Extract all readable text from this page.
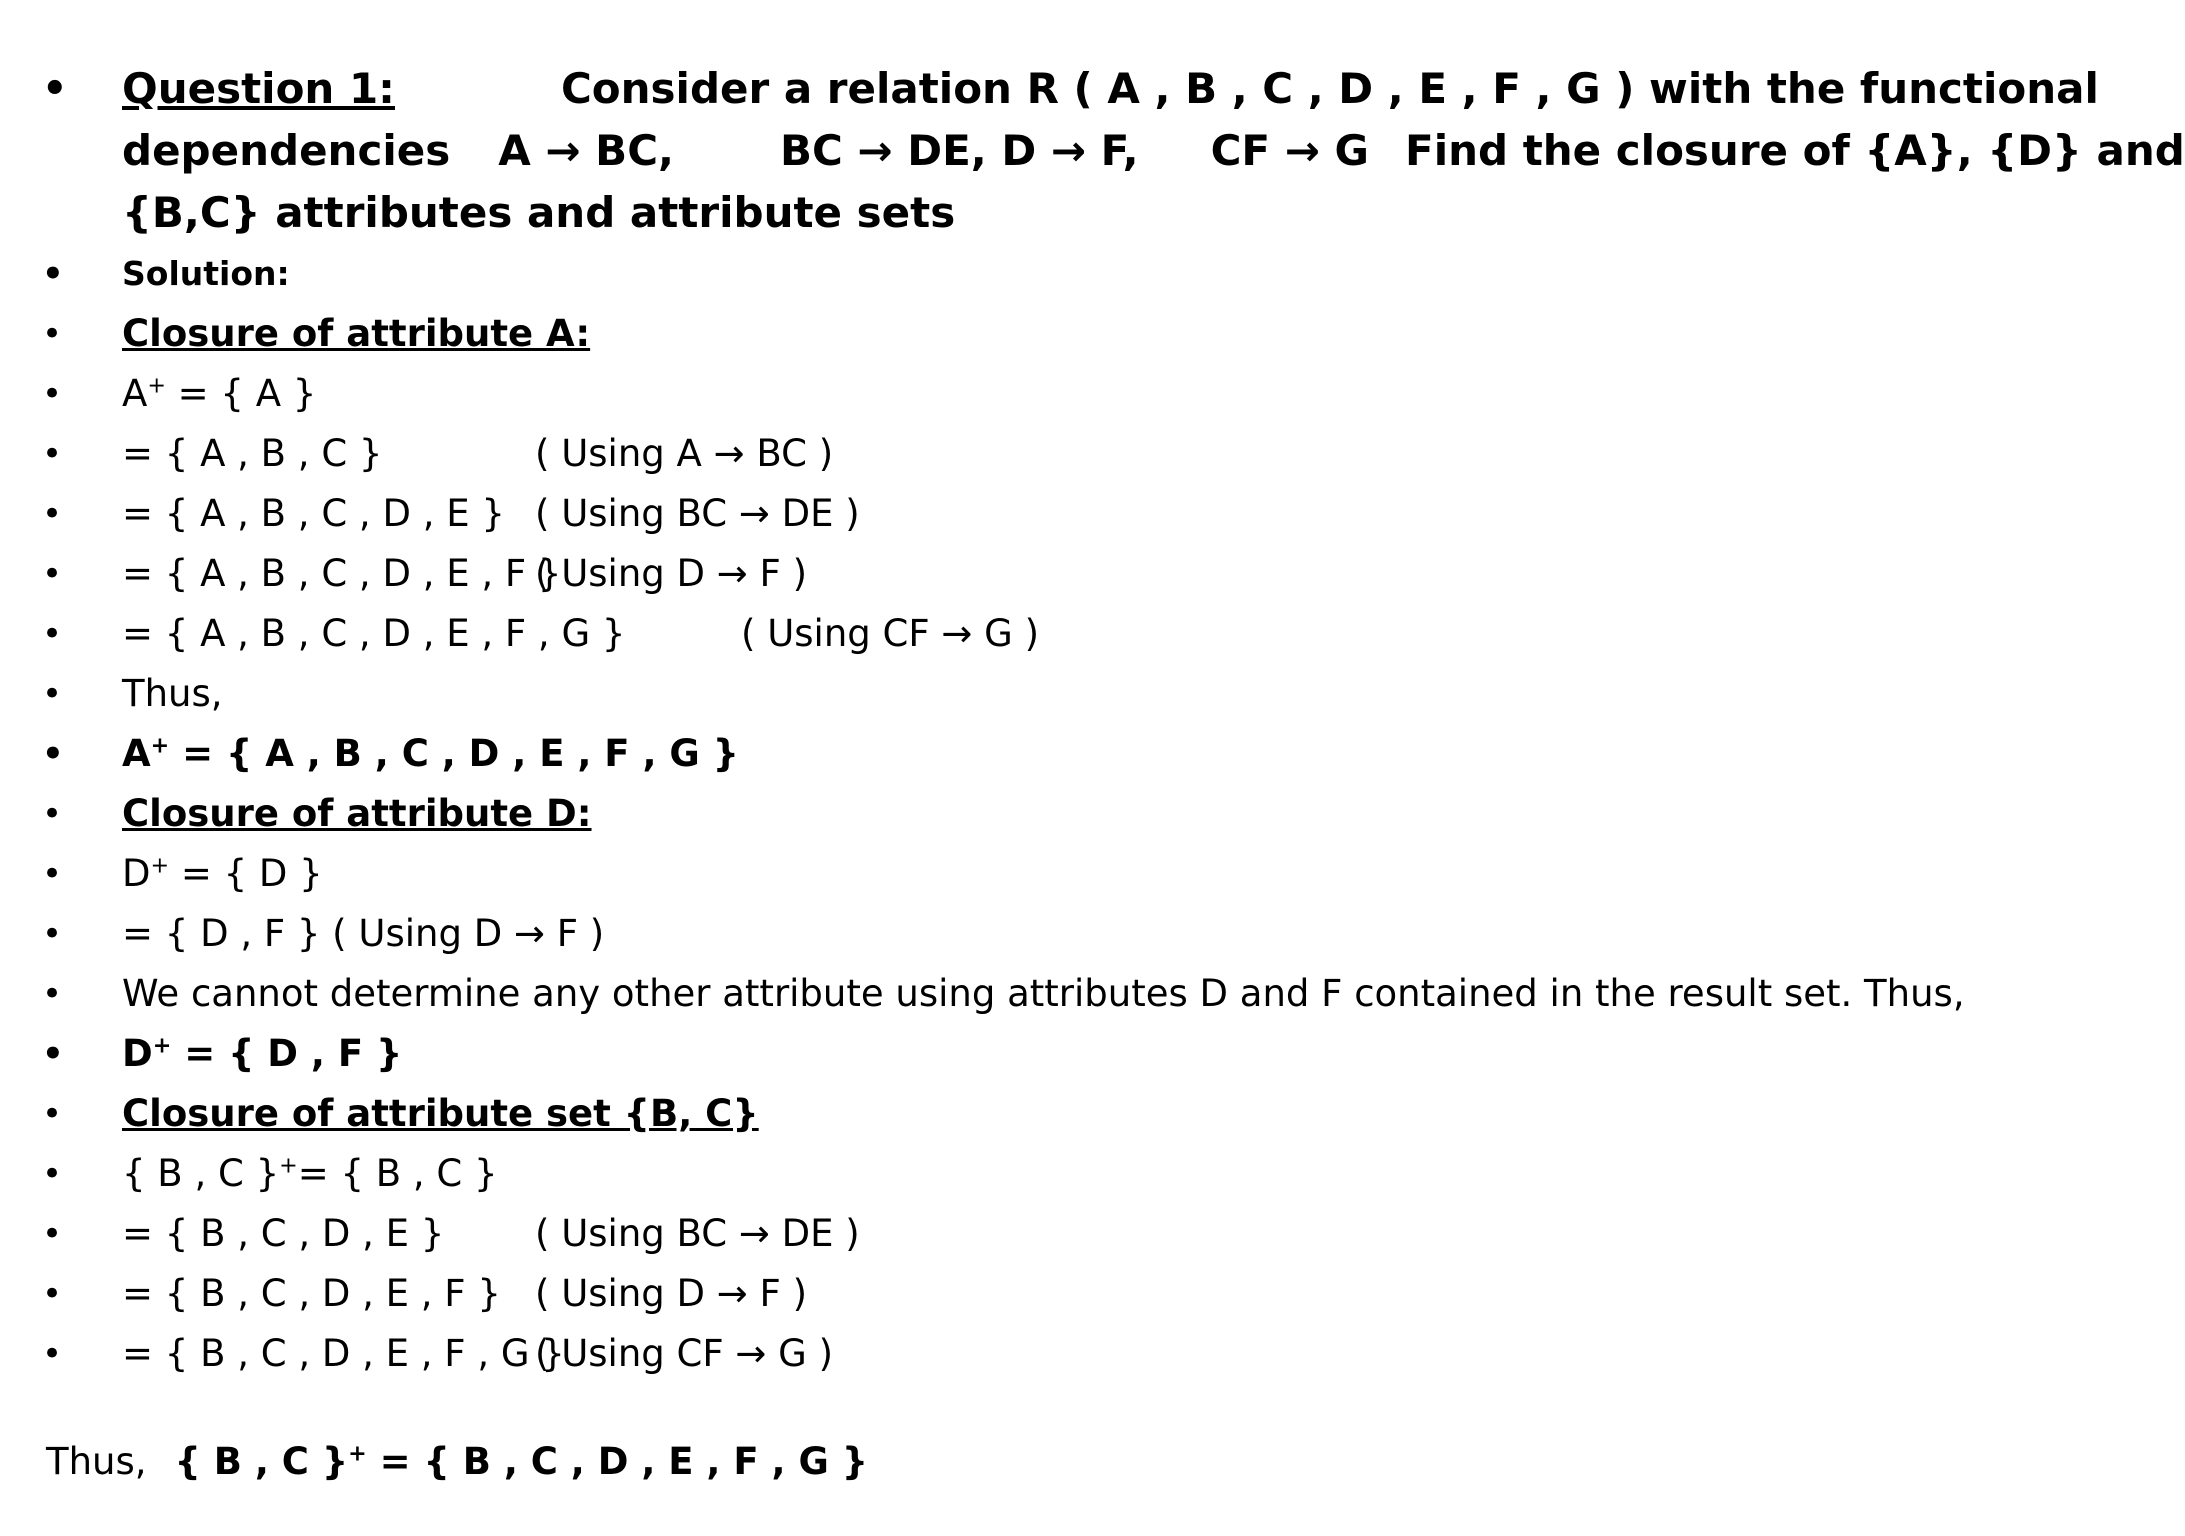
• Question 1:	Consider a relation R ( A , B , C , D , E , F , G ) with the functional
dependencies A → BC,	BC → DE, D → F, CF → G Find the closure of {A}, {D} and
{B,C} attributes and attribute sets
• Solution:
• Closure of attribute A:
• A+ = { A }
• = { A , B , C }	( Using A → BC )
• = { A , B , C , D , E } ( Using BC → DE )
• = { A , B , C , D , E , F }( Using D → F )
• = { A , B , C , D , E , F , G }	( Using CF → G )
• Thus,
• A+ = { A , B , C , D , E , F , G }
• Closure of attribute D:
• D+ = { D }
• = { D , F } ( Using D → F )
• We cannot determine any other attribute using attributes D and F contained in the result set. Thus,
• D+ = { D , F }
• Closure of attribute set {B, C}
• { B , C }+= { B , C }
• = { B , C , D , E } ( Using BC → DE )
• = { B , C , D , E , F } ( Using D → F )
• = { B , C , D , E , F , G }( Using CF → G )
Thus, { B , C }+ = { B , C , D , E , F , G }
